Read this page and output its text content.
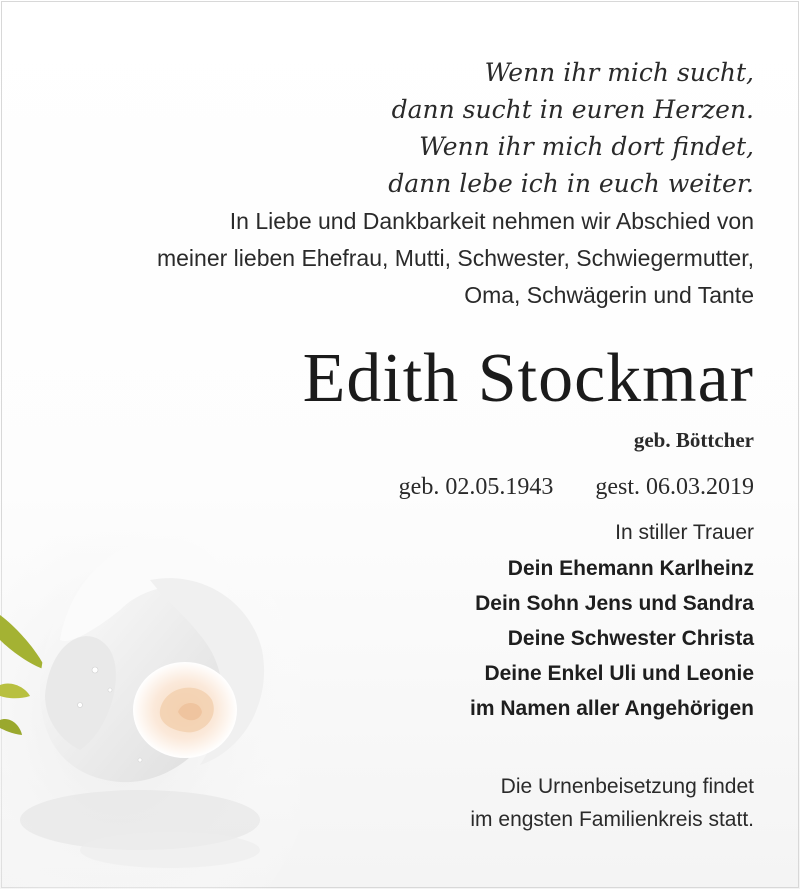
Wenn ihr mich sucht,
dann sucht in euren Herzen.
Wenn ihr mich dort findet,
dann lebe ich in euch weiter.
In Liebe und Dankbarkeit nehmen wir Abschied von
meiner lieben Ehefrau, Mutti, Schwester, Schwiegermutter,
Oma, Schwägerin und Tante
Edith Stockmar
geb. Böttcher
geb. 02.05.1943 gest. 06.03.2019
In stiller Trauer
Dein Ehemann Karlheinz
Dein Sohn Jens und Sandra
Deine Schwester Christa
Deine Enkel Uli und Leonie
im Namen aller Angehörigen
Die Urnenbeisetzung findet
im engsten Familienkreis statt.
